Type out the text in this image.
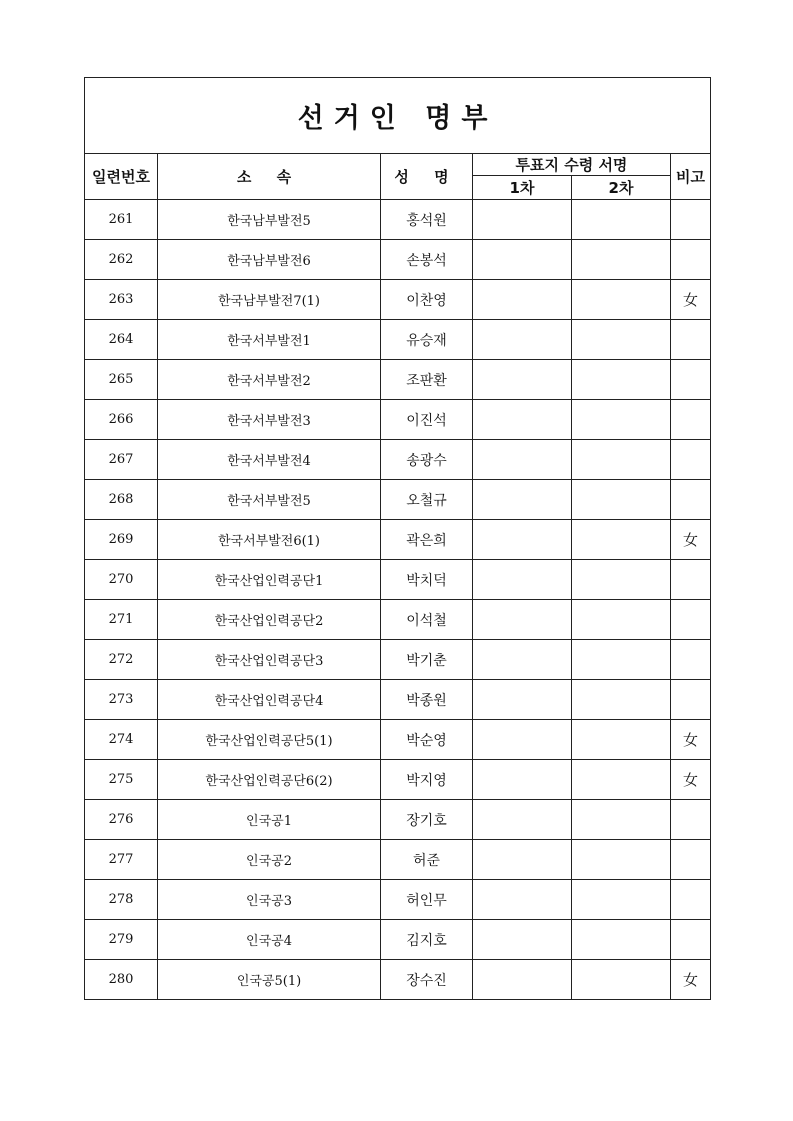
선거인 명부					
일련번호	소 속	성 명	투표지 수령 서명		비고
			1차	2차	
261	한국남부발전5	홍석원			
262	한국남부발전6	손봉석			
263	한국남부발전7(1)	이찬영			女
264	한국서부발전1	유승재			
265	한국서부발전2	조판환			
266	한국서부발전3	이진석			
267	한국서부발전4	송광수			
268	한국서부발전5	오철규			
269	한국서부발전6(1)	곽은희			女
270	한국산업인력공단1	박치덕			
271	한국산업인력공단2	이석철			
272	한국산업인력공단3	박기춘			
273	한국산업인력공단4	박종원			
274	한국산업인력공단5(1)	박순영			女
275	한국산업인력공단6(2)	박지영			女
276	인국공1	장기호			
277	인국공2	허준			
278	인국공3	허인무			
279	인국공4	김지호			
280	인국공5(1)	장수진			女
